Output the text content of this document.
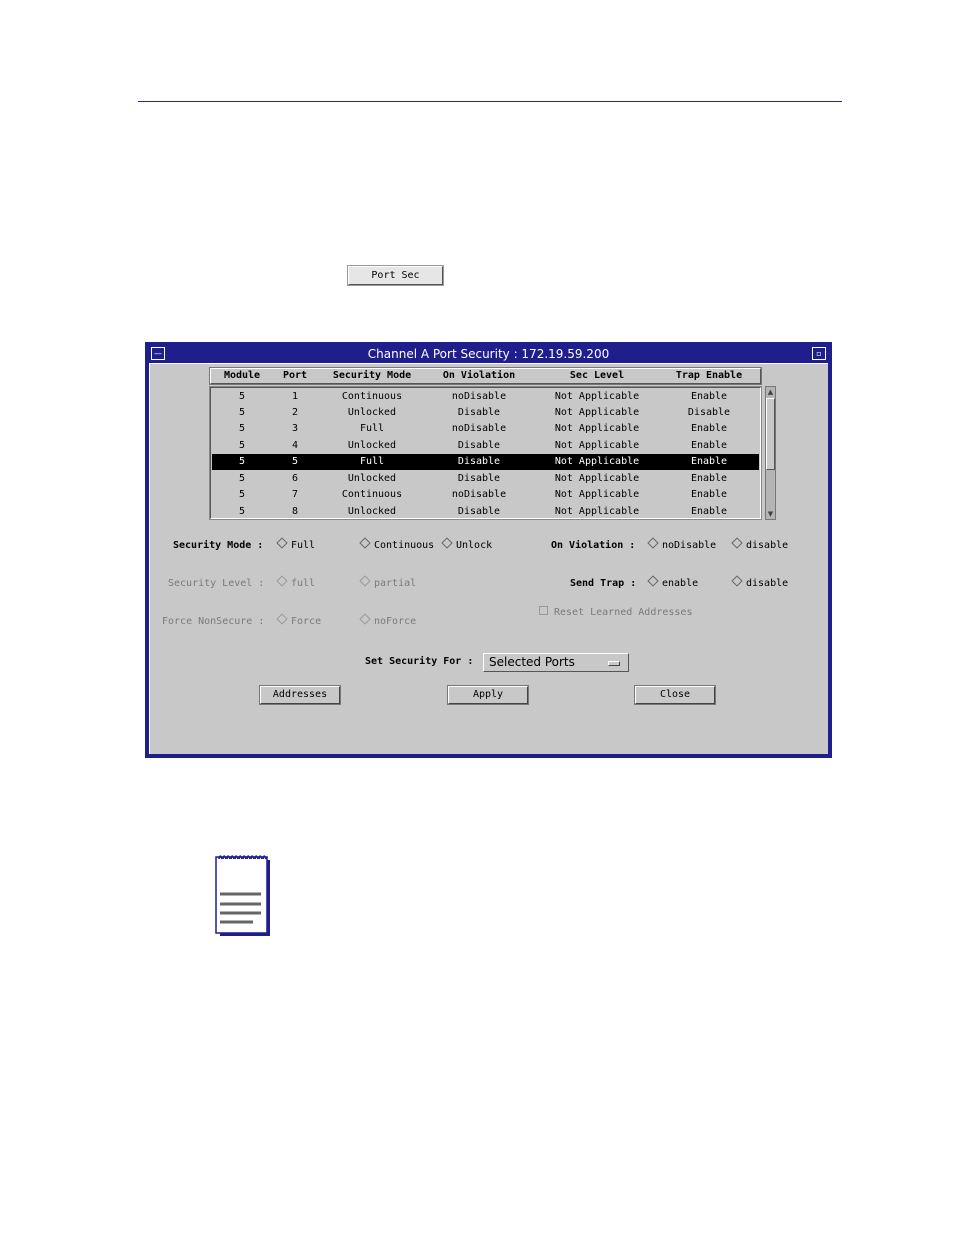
Port Sec
—	Channel A Port Security : 172.19.59.200	▫
Module	Port	Security Mode	On Violation	Sec Level	Trap Enable
5	1	Continuous	noDisable	Not Applicable	Enable
5	2	Unlocked	Disable	Not Applicable	Disable
5	3	Full	noDisable	Not Applicable	Enable
5	4	Unlocked	Disable	Not Applicable	Enable
5	5	Full	Disable	Not Applicable	Enable
5	6	Unlocked	Disable	Not Applicable	Enable
5	7	Continuous	noDisable	Not Applicable	Enable
5	8	Unlocked	Disable	Not Applicable	Enable
▲
▼
Security Mode :	Full	Continuous	Unlock	On Violation :	noDisable	disable
Security Level :	full	partial	Send Trap :	enable	disable
Force NonSecure :	Force	noForce
Reset Learned Addresses
Set Security For :	Selected Ports
Addresses	Apply	Close
